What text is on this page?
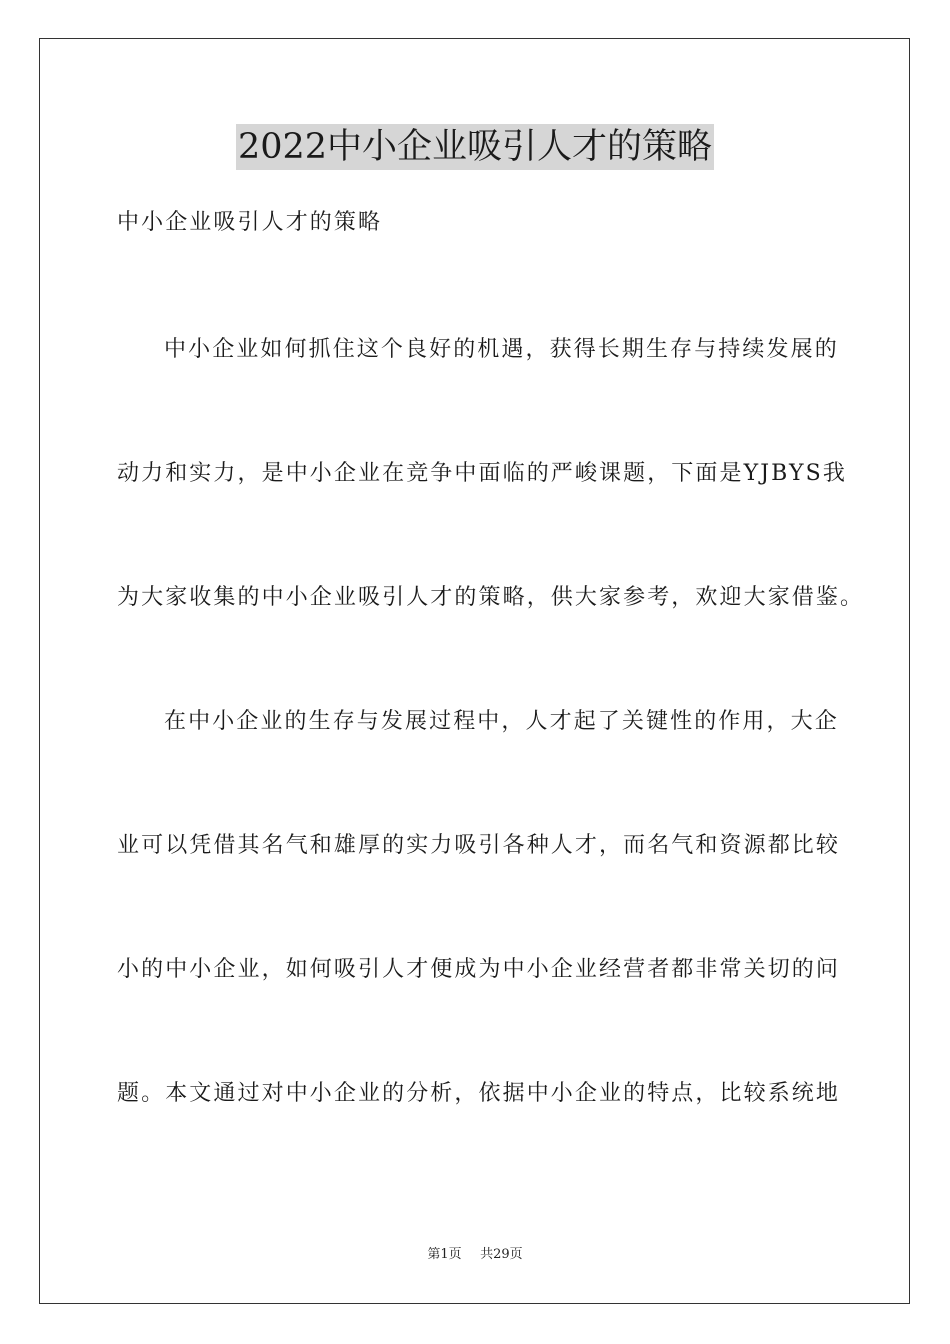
2022中小企业吸引人才的策略

中小企业吸引人才的策略

中小企业如何抓住这个良好的机遇，获得长期生存与持续发展的

动力和实力，是中小企业在竞争中面临的严峻课题，下面是YJBYS我

为大家收集的中小企业吸引人才的策略，供大家参考，欢迎大家借鉴。

在中小企业的生存与发展过程中，人才起了关键性的作用，大企

业可以凭借其名气和雄厚的实力吸引各种人才，而名气和资源都比较

小的中小企业，如何吸引人才便成为中小企业经营者都非常关切的问

题。本文通过对中小企业的分析，依据中小企业的特点，比较系统地

第1页 共29页
